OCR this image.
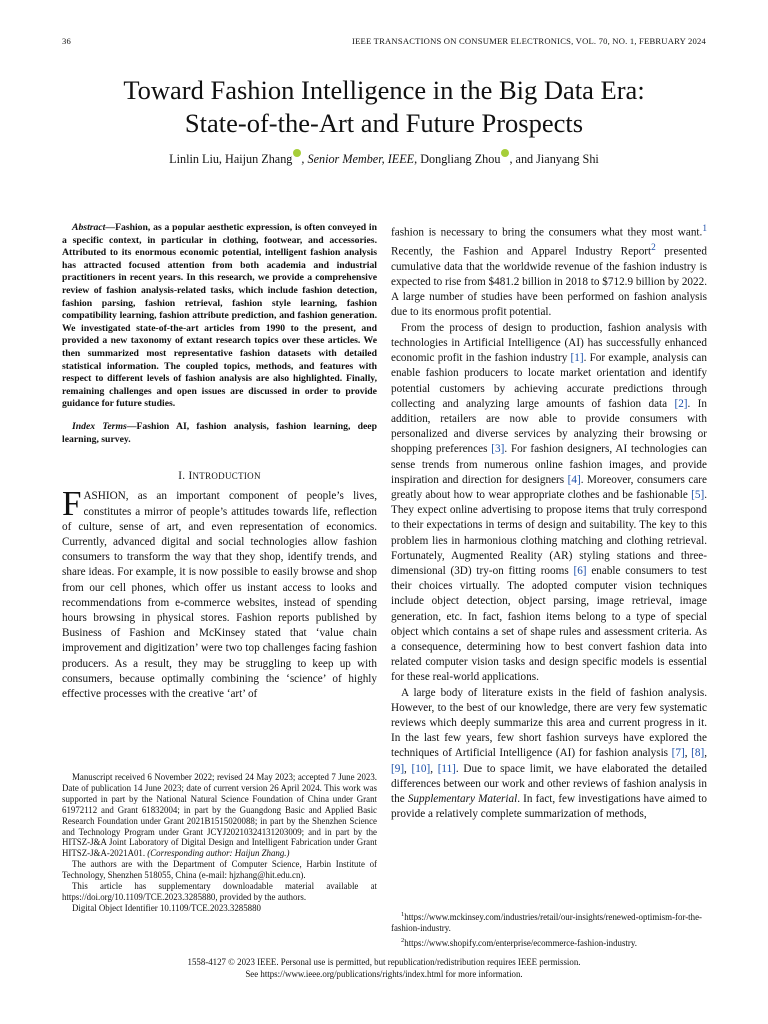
36	IEEE TRANSACTIONS ON CONSUMER ELECTRONICS, VOL. 70, NO. 1, FEBRUARY 2024
Toward Fashion Intelligence in the Big Data Era:
State-of-the-Art and Future Prospects
Linlin Liu, Haijun Zhang , Senior Member, IEEE, Dongliang Zhou , and Jianyang Shi

Abstract—Fashion, as a popular aesthetic expression, is often conveyed in a specific context, in particular in clothing, footwear, and accessories. Attributed to its enormous economic potential, intelligent fashion analysis has attracted focused attention from both academia and industrial practitioners in recent years. In this research, we provide a comprehensive review of fashion analysis-related tasks, which include fashion detection, fashion parsing, fashion retrieval, fashion style learning, fashion compatibility learning, fashion attribute prediction, and fashion generation. We investigated state-of-the-art articles from 1990 to the present, and provided a new taxonomy of extant research topics over these articles. We then summarized most representative fashion datasets with detailed statistical information. The coupled topics, methods, and features with respect to different levels of fashion analysis are also highlighted. Finally, remaining challenges and open issues are discussed in order to provide guidance for future studies.

Index Terms—Fashion AI, fashion analysis, fashion learning, deep learning, survey.

I. INTRODUCTION

FASHION, as an important component of people’s lives, constitutes a mirror of people’s attitudes towards life, reflection of culture, sense of art, and even representation of economics. Currently, advanced digital and social technologies allow fashion consumers to transform the way that they shop, identify trends, and share ideas. For example, it is now possible to easily browse and shop from our cell phones, which offer us instant access to looks and recommendations from e-commerce websites, instead of spending hours browsing in physical stores. Fashion reports published by Business of Fashion and McKinsey stated that ‘value chain improvement and digitization’ were two top challenges facing fashion producers. As a result, they may be struggling to keep up with consumers, because optimally combining the ‘science’ of highly effective processes with the creative ‘art’ of

fashion is necessary to bring the consumers what they most want.$^1$ Recently, the Fashion and Apparel Industry Report$^2$ presented cumulative data that the worldwide revenue of the fashion industry is expected to rise from $481.2 billion in 2018 to $712.9 billion by 2022. A large number of studies have been performed on fashion analysis due to its enormous profit potential.

From the process of design to production, fashion analysis with technologies in Artificial Intelligence (AI) has successfully enhanced economic profit in the fashion industry [1]. For example, analysis can enable fashion producers to locate market orientation and identify potential customers by achieving accurate predictions through collecting and analyzing large amounts of fashion data [2]. In addition, retailers are now able to provide consumers with personalized and diverse services by analyzing their browsing or shopping preferences [3]. For fashion designers, AI technologies can sense trends from numerous online fashion images, and provide inspiration and direction for designers [4]. Moreover, consumers care greatly about how to wear appropriate clothes and be fashionable [5]. They expect online advertising to propose items that truly correspond to their expectations in terms of design and suitability. The key to this problem lies in harmonious clothing matching and clothing retrieval. Fortunately, Augmented Reality (AR) styling stations and three-dimensional (3D) try-on fitting rooms [6] enable consumers to test their choices virtually. The adopted computer vision techniques include object detection, object parsing, image retrieval, image generation, etc. In fact, fashion items belong to a type of special object which contains a set of shape rules and assessment criteria. As a consequence, determining how to best convert fashion data into related computer vision tasks and design specific models is essential for these real-world applications.

A large body of literature exists in the field of fashion analysis. However, to the best of our knowledge, there are very few systematic reviews which deeply summarize this area and current progress in it. In the last few years, few short fashion surveys have explored the techniques of Artificial Intelligence (AI) for fashion analysis [7], [8], [9], [10], [11]. Due to space limit, we have elaborated the detailed differences between our work and other reviews of fashion analysis in the Supplementary Material. In fact, few investigations have aimed to provide a relatively complete summarization of methods,

Manuscript received 6 November 2022; revised 24 May 2023; accepted 7 June 2023. Date of publication 14 June 2023; date of current version 26 April 2024. This work was supported in part by the National Natural Science Foundation of China under Grant 61972112 and Grant 61832004; in part by the Guangdong Basic and Applied Basic Research Foundation under Grant 2021B1515020088; in part by the Shenzhen Science and Technology Program under Grant JCYJ20210324131203009; and in part by the HITSZ-J&A Joint Laboratory of Digital Design and Intelligent Fabrication under Grant HITSZ-J&A-2021A01. (Corresponding author: Haijun Zhang.)

The authors are with the Department of Computer Science, Harbin Institute of Technology, Shenzhen 518055, China (e-mail: hjzhang@hit.edu.cn).

This article has supplementary downloadable material available at https://doi.org/10.1109/TCE.2023.3285880, provided by the authors.

Digital Object Identifier 10.1109/TCE.2023.3285880

$^1$https://www.mckinsey.com/industries/retail/our-insights/renewed-optimism-for-the-fashion-industry.

$^2$https://www.shopify.com/enterprise/ecommerce-fashion-industry.

1558-4127 © 2023 IEEE. Personal use is permitted, but republication/redistribution requires IEEE permission.
See https://www.ieee.org/publications/rights/index.html for more information.
